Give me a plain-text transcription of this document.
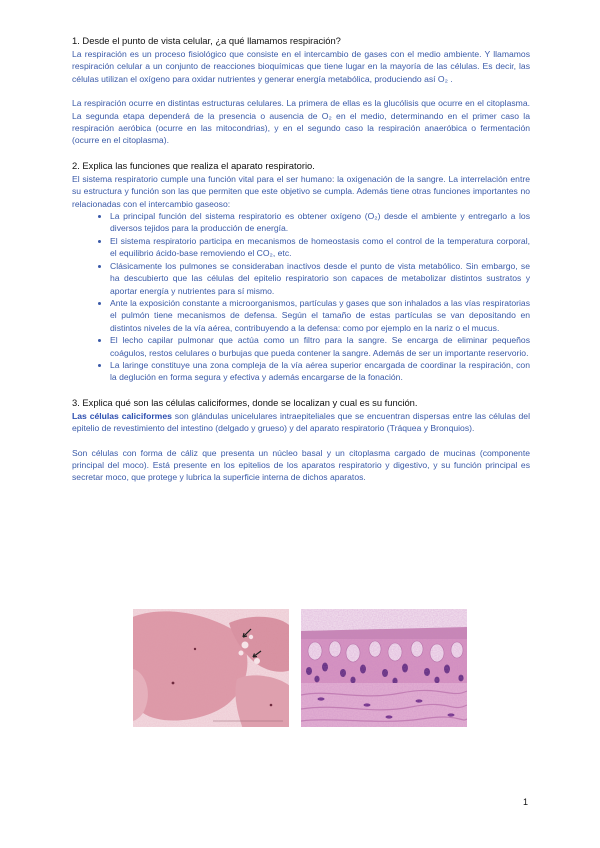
1. Desde el punto de vista celular, ¿a qué llamamos respiración?

La respiración es un proceso fisiológico que consiste en el intercambio de gases con el medio ambiente. Y llamamos respiración celular a un conjunto de reacciones bioquímicas que tiene lugar en la mayoría de las células. Es decir, las células utilizan el oxígeno para oxidar nutrientes y generar energía metabólica, produciendo así O₂ .

La respiración ocurre en distintas estructuras celulares. La primera de ellas es la glucólisis que ocurre en el citoplasma. La segunda etapa dependerá de la presencia o ausencia de O₂ en el medio, determinando en el primer caso la respiración aeróbica (ocurre en las mitocondrias), y en el segundo caso la respiración anaeróbica o fermentación (ocurre en el citoplasma).

2. Explica las funciones que realiza el aparato respiratorio.

El sistema respiratorio cumple una función vital para el ser humano: la oxigenación de la sangre. La interrelación entre su estructura y función son las que permiten que este objetivo se cumpla. Además tiene otras funciones importantes no relacionadas con el intercambio gaseoso:

• La principal función del sistema respiratorio es obtener oxígeno (O₂) desde el ambiente y entregarlo a los diversos tejidos para la producción de energía.
• El sistema respiratorio participa en mecanismos de homeostasis como el control de la temperatura corporal, el equilibrio ácido-base removiendo el CO₂, etc.
• Clásicamente los pulmones se consideraban inactivos desde el punto de vista metabólico. Sin embargo, se ha descubierto que las células del epitelio respiratorio son capaces de metabolizar distintos sustratos y aportar energía y nutrientes para sí mismo.
• Ante la exposición constante a microorganismos, partículas y gases que son inhalados a las vías respiratorias el pulmón tiene mecanismos de defensa. Según el tamaño de estas partículas se van depositando en distintos niveles de la vía aérea, contribuyendo a la defensa: como por ejemplo en la nariz o el mucus.
• El lecho capilar pulmonar que actúa como un filtro para la sangre. Se encarga de eliminar pequeños coágulos, restos celulares o burbujas que pueda contener la sangre. Además de ser un importante reservorio.
• La laringe constituye una zona compleja de la vía aérea superior encargada de coordinar la respiración, con la deglución en forma segura y efectiva y además encargarse de la fonación.

3. Explica qué son las células caliciformes, donde se localizan y cual es su función.

Las células caliciformes son glándulas unicelulares intraepiteliales que se encuentran dispersas entre las células del epitelio de revestimiento del intestino (delgado y grueso) y del aparato respiratorio (Tráquea y Bronquios).

Son células con forma de cáliz que presenta un núcleo basal y un citoplasma cargado de mucinas (componente principal del moco). Está presente en los epitelios de los aparatos respiratorio y digestivo, y su función principal es secretar moco, que protege y lubrica la superficie interna de dichos aparatos.

1
